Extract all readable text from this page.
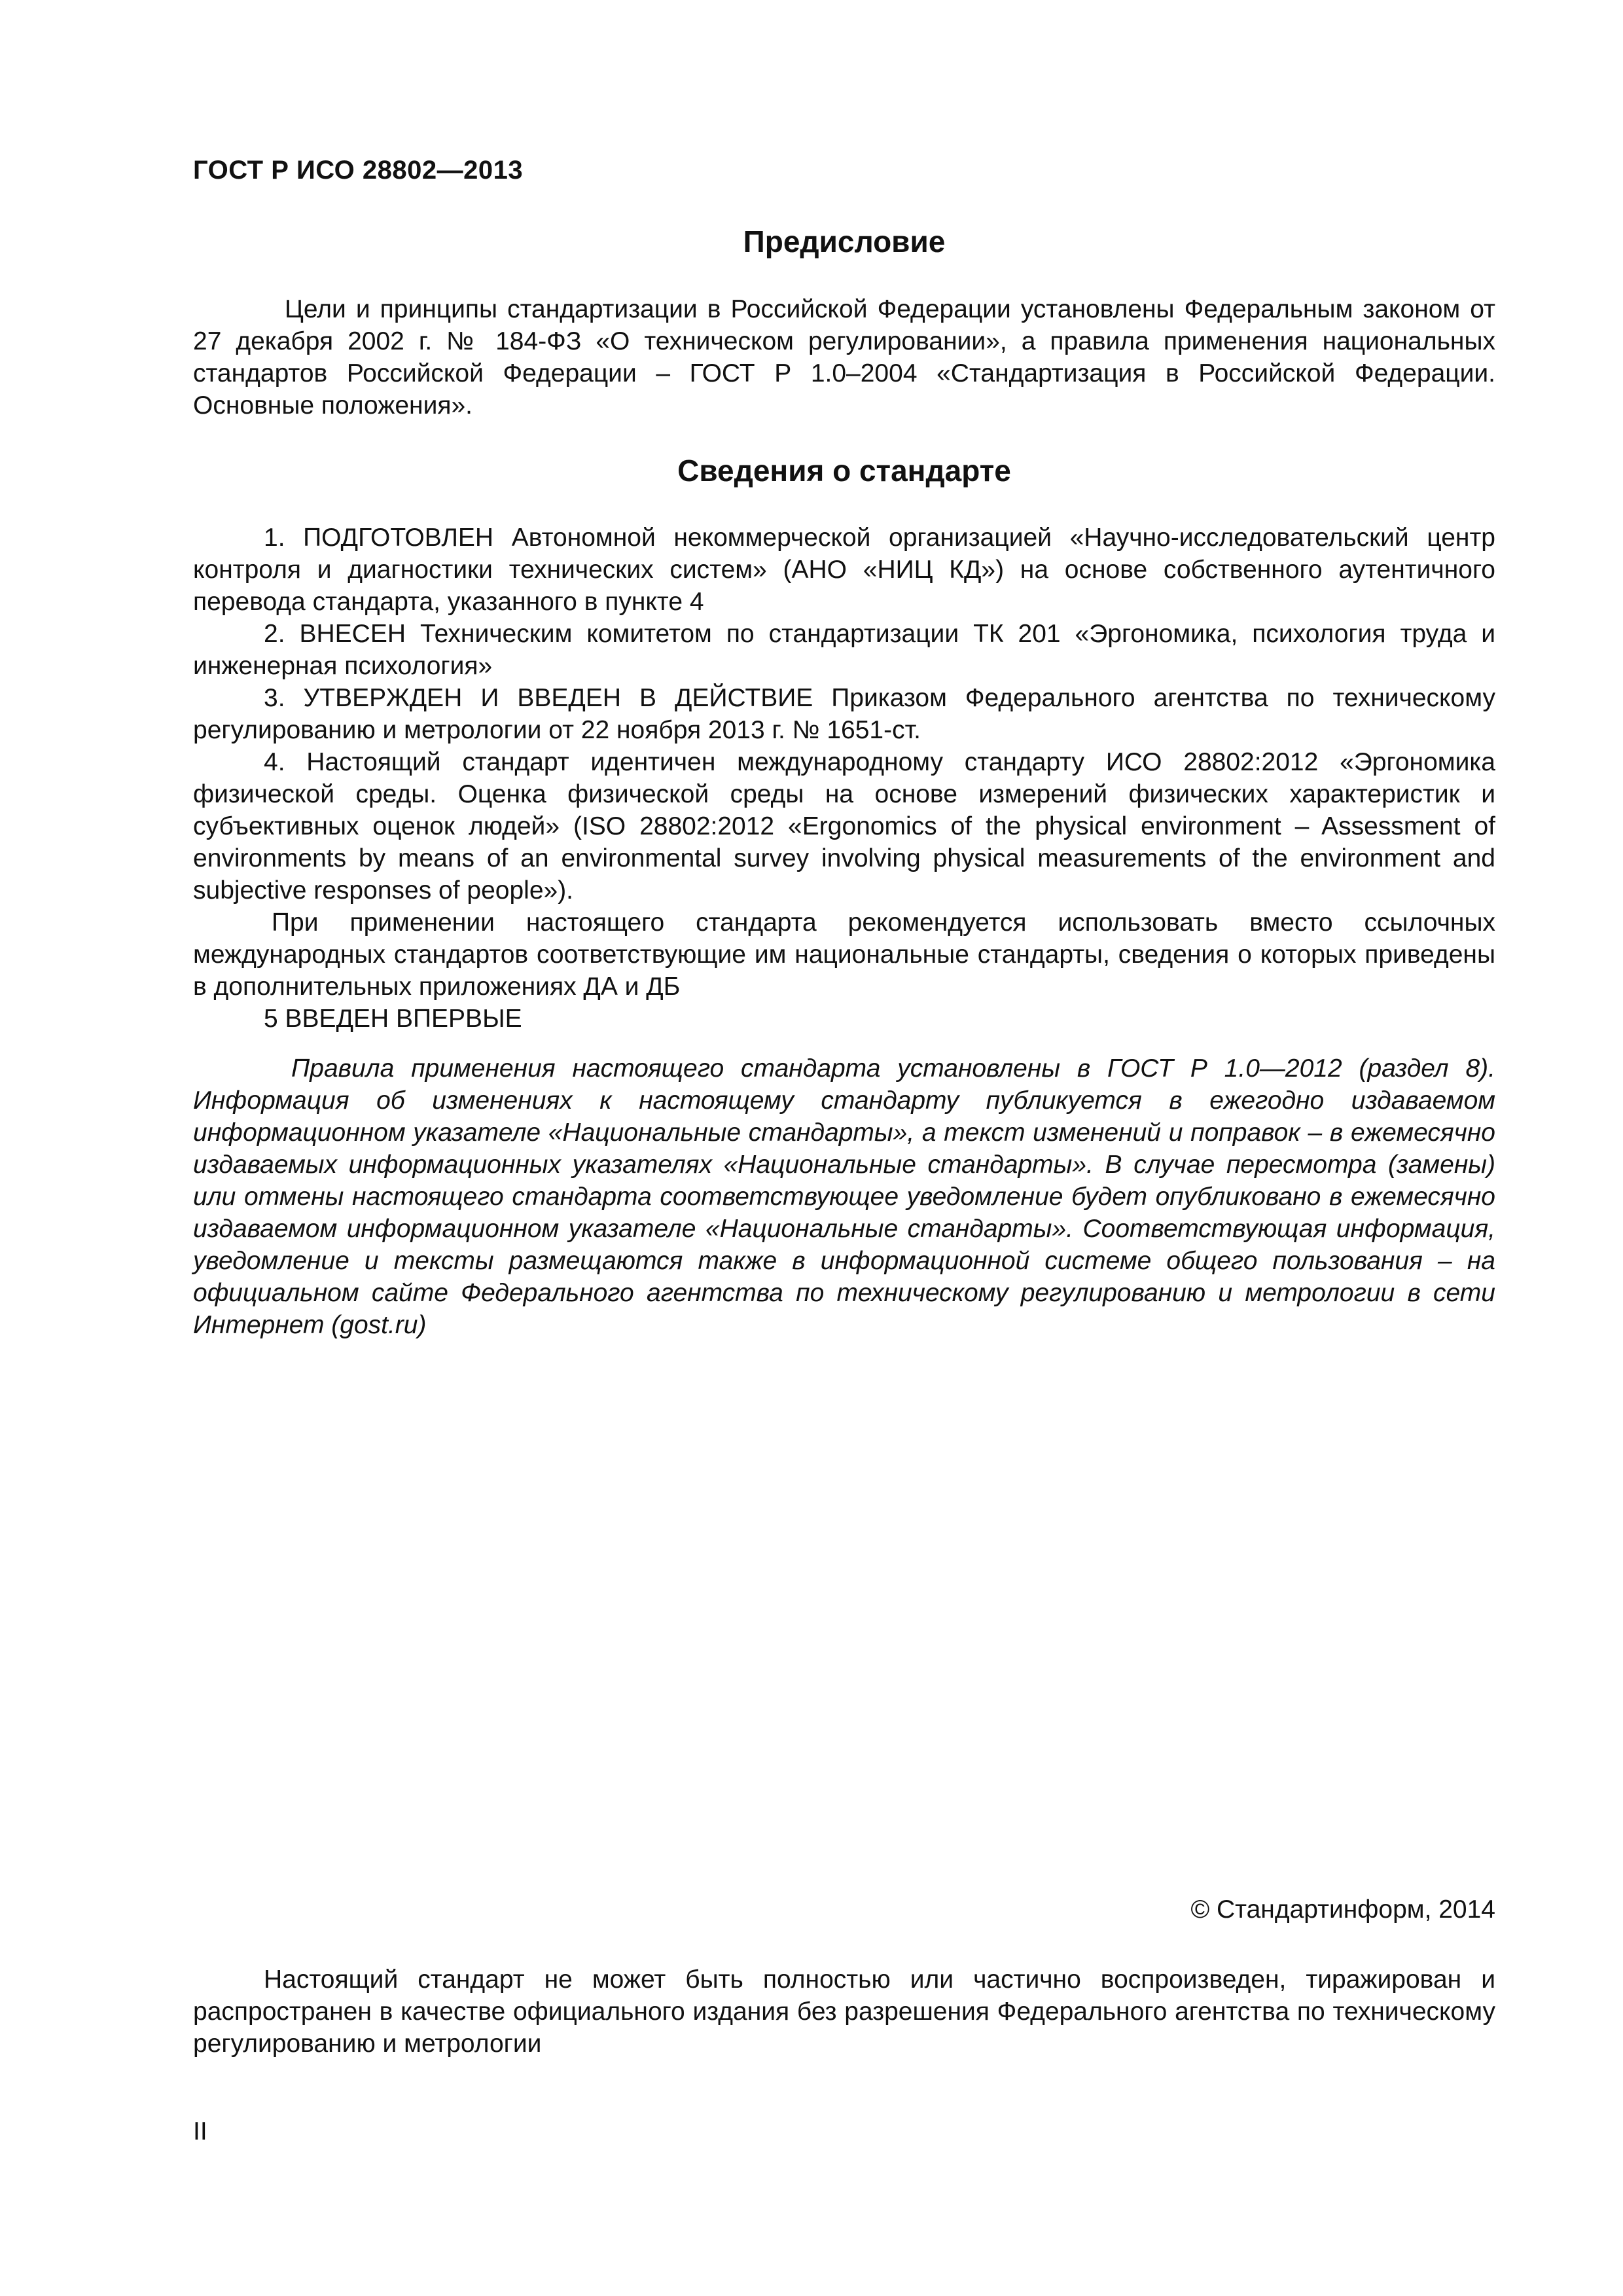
ГОСТ Р ИСО 28802—2013
Предисловие

Цели и принципы стандартизации в Российской Федерации установлены Федеральным законом от 27 декабря 2002 г. № 184-ФЗ «О техническом регулировании», а правила применения национальных стандартов Российской Федерации – ГОСТ Р 1.0–2004 «Стандартизация в Российской Федерации. Основные положения».

Сведения о стандарте

1. ПОДГОТОВЛЕН Автономной некоммерческой организацией «Научно-исследовательский центр контроля и диагностики технических систем» (АНО «НИЦ КД») на основе собственного аутентичного перевода стандарта, указанного в пункте 4

2. ВНЕСЕН Техническим комитетом по стандартизации ТК 201 «Эргономика, психология труда и инженерная психология»

3. УТВЕРЖДЕН И ВВЕДЕН В ДЕЙСТВИЕ Приказом Федерального агентства по техническому регулированию и метрологии от 22 ноября 2013 г. № 1651-ст.

4. Настоящий стандарт идентичен международному стандарту ИСО 28802:2012 «Эргономика физической среды. Оценка физической среды на основе измерений физических характеристик и субъективных оценок людей» (ISO 28802:2012 «Ergonomics of the physical environment – Assessment of environments by means of an environmental survey involving physical measurements of the environment and subjective responses of people»).

При применении настоящего стандарта рекомендуется использовать вместо ссылочных международных стандартов соответствующие им национальные стандарты, сведения о которых приведены в дополнительных приложениях ДА и ДБ

5 ВВЕДЕН ВПЕРВЫЕ

Правила применения настоящего стандарта установлены в ГОСТ Р 1.0—2012 (раздел 8). Информация об изменениях к настоящему стандарту публикуется в ежегодно издаваемом информационном указателе «Национальные стандарты», а текст изменений и поправок – в ежемесячно издаваемых информационных указателях «Национальные стандарты». В случае пересмотра (замены) или отмены настоящего стандарта соответствующее уведомление будет опубликовано в ежемесячно издаваемом информационном указателе «Национальные стандарты». Соответствующая информация, уведомление и тексты размещаются также в информационной системе общего пользования – на официальном сайте Федерального агентства по техническому регулированию и метрологии в сети Интернет (gost.ru)

© Стандартинформ, 2014

Настоящий стандарт не может быть полностью или частично воспроизведен, тиражирован и распространен в качестве официального издания без разрешения Федерального агентства по техническому регулированию и метрологии

II
